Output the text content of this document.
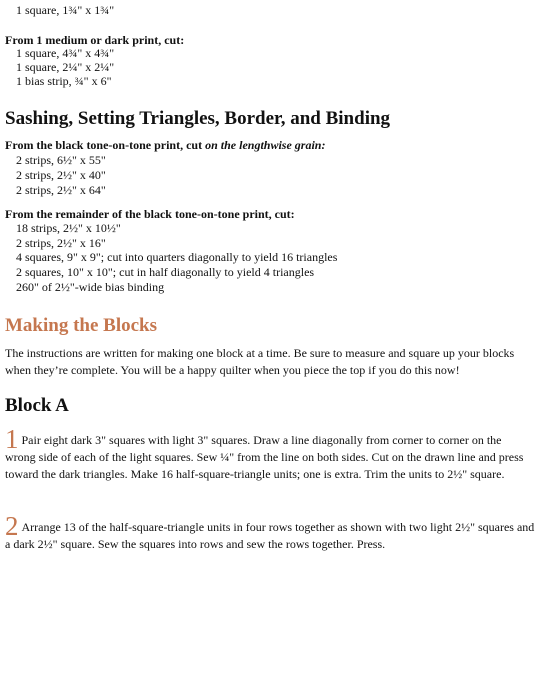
1 square, 1¾" x 1¾"
From 1 medium or dark print, cut:
1 square, 4¾" x 4¾"
1 square, 2¼" x 2¼"
1 bias strip, ¾" x 6"
Sashing, Setting Triangles, Border, and Binding
From the black tone-on-tone print, cut on the lengthwise grain:
2 strips, 6½" x 55"
2 strips, 2½" x 40"
2 strips, 2½" x 64"
From the remainder of the black tone-on-tone print, cut:
18 strips, 2½" x 10½"
2 strips, 2½" x 16"
4 squares, 9" x 9"; cut into quarters diagonally to yield 16 triangles
2 squares, 10" x 10"; cut in half diagonally to yield 4 triangles
260" of 2½"-wide bias binding
Making the Blocks
The instructions are written for making one block at a time. Be sure to measure and square up your blocks when they’re complete. You will be a happy quilter when you piece the top if you do this now!
Block A
1 Pair eight dark 3" squares with light 3" squares. Draw a line diagonally from corner to corner on the wrong side of each of the light squares. Sew ¼" from the line on both sides. Cut on the drawn line and press toward the dark triangles. Make 16 half-square-triangle units; one is extra. Trim the units to 2½" square.
2 Arrange 13 of the half-square-triangle units in four rows together as shown with two light 2½" squares and a dark 2½" square. Sew the squares into rows and sew the rows together. Press.
